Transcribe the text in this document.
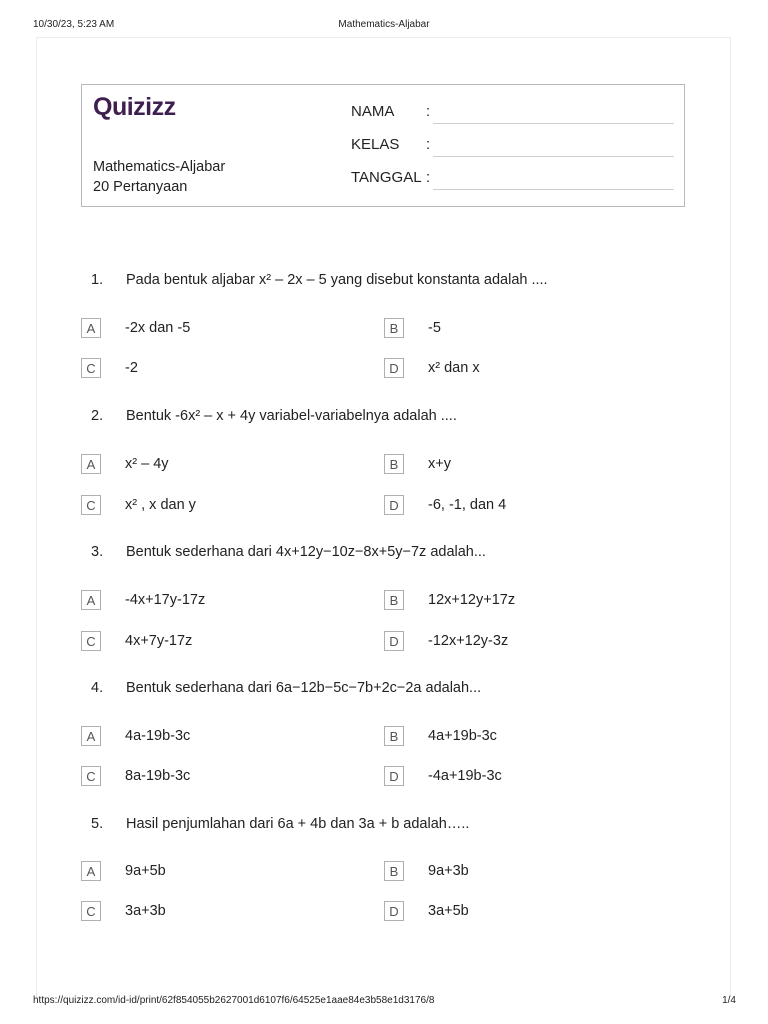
10/30/23, 5:23 AM	Mathematics-Aljabar
Quizizz
Mathematics-Aljabar
20 Pertanyaan
NAMA :
KELAS :
TANGGAL :
1. Pada bentuk aljabar x² – 2x – 5 yang disebut konstanta adalah ....
A	-2x dan -5	B	-5
C	-2	D	x² dan x
2. Bentuk -6x² – x + 4y variabel-variabelnya adalah ....
A	x² – 4y	B	x+y
C	x² , x dan y	D	-6, -1, dan 4
3. Bentuk sederhana dari 4x+12y−10z−8x+5y−7z adalah...
A	-4x+17y-17z	B	12x+12y+17z
C	4x+7y-17z	D	-12x+12y-3z
4. Bentuk sederhana dari 6a−12b−5c−7b+2c−2a adalah...
A	4a-19b-3c	B	4a+19b-3c
C	8a-19b-3c	D	-4a+19b-3c
5. Hasil penjumlahan dari 6a + 4b dan 3a + b adalah…..
A	9a+5b	B	9a+3b
C	3a+3b	D	3a+5b
https://quizizz.com/id-id/print/62f854055b2627001d6107f6/64525e1aae84e3b58e1d3176/8	1/4
